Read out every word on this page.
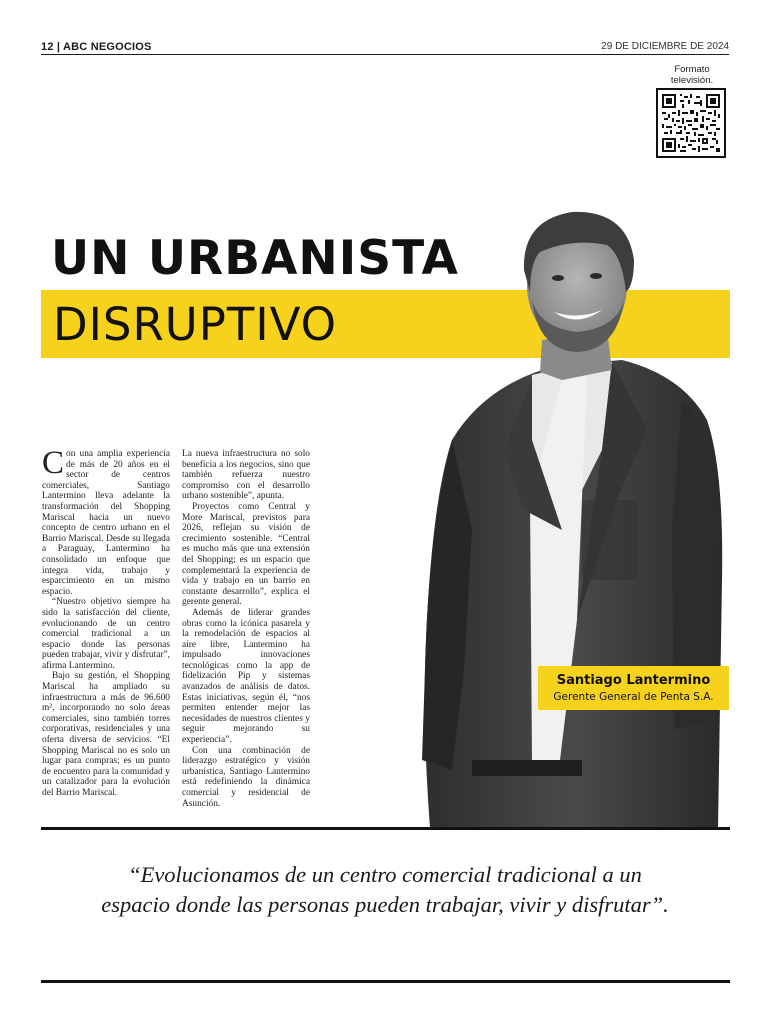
12 | ABC NEGOCIOS	29 DE DICIEMBRE DE 2024
Formato televisión.
UN URBANISTA
DISRUPTIVO
Santiago Lantermino
Gerente General de Penta S.A.

Con una amplia experiencia de más de 20 años en el sector de centros comerciales, Santiago Lantermino lleva adelante la transformación del Shopping Mariscal hacia un nuevo concepto de centro urbano en el Barrio Mariscal. Desde su llegada a Paraguay, Lantermino ha consolidado un enfoque que integra vida, trabajo y esparcimiento en un mismo espacio.

“Nuestro objetivo siempre ha sido la satisfacción del cliente, evolucionando de un centro comercial tradicional a un espacio donde las personas pueden trabajar, vivir y disfrutar”, afirma Lantermino.

Bajo su gestión, el Shopping Mariscal ha ampliado su infraestructura a más de 96.600 m², incorporando no solo áreas comerciales, sino también torres corporativas, residenciales y una oferta diversa de servicios. “El Shopping Mariscal no es solo un lugar para compras; es un punto de encuentro para la comunidad y un catalizador para la evolución del Barrio Mariscal.

La nueva infraestructura no solo beneficia a los negocios, sino que también refuerza nuestro compromiso con el desarrollo urbano sostenible”, apunta.

Proyectos como Central y More Mariscal, previstos para 2026, reflejan su visión de crecimiento sostenible. “Central es mucho más que una extensión del Shopping; es un espacio que complementará la experiencia de vida y trabajo en un barrio en constante desarrollo”, explica el gerente general.

Además de liderar grandes obras como la icónica pasarela y la remodelación de espacios al aire libre, Lantermino ha impulsado innovaciones tecnológicas como la app de fidelización Pip y sistemas avanzados de análisis de datos. Estas iniciativas, según él, “nos permiten entender mejor las necesidades de nuestros clientes y seguir mejorando su experiencia”.

Con una combinación de liderazgo estratégico y visión urbanística, Santiago Lantermino está redefiniendo la dinámica comercial y residencial de Asunción.

“Evolucionamos de un centro comercial tradicional a un espacio donde las personas pueden trabajar, vivir y disfrutar”.
